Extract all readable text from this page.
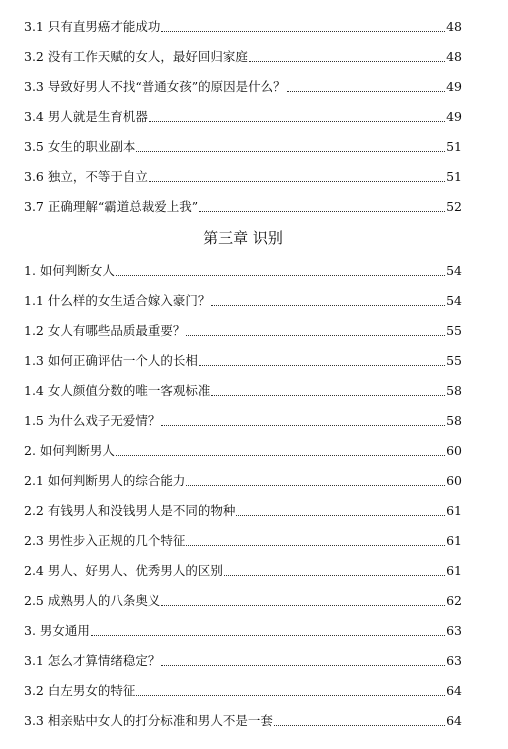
3.1 只有直男癌才能成功	48
3.2 没有工作天赋的女人，最好回归家庭	48
3.3 导致好男人不找“普通女孩”的原因是什么？	49
3.4 男人就是生育机器	49
3.5 女生的职业副本	51
3.6 独立，不等于自立	51
3.7 正确理解“霸道总裁爱上我”	52
第三章 识别
1. 如何判断女人	54
1.1 什么样的女生适合嫁入豪门？	54
1.2 女人有哪些品质最重要？	55
1.3 如何正确评估一个人的长相	55
1.4 女人颜值分数的唯一客观标准	58
1.5 为什么戏子无爱情？	58
2. 如何判断男人	60
2.1 如何判断男人的综合能力	60
2.2 有钱男人和没钱男人是不同的物种	61
2.3 男性步入正规的几个特征	61
2.4 男人、好男人、优秀男人的区别	61
2.5 成熟男人的八条奥义	62
3. 男女通用	63
3.1 怎么才算情绪稳定？	63
3.2 白左男女的特征	64
3.3 相亲贴中女人的打分标准和男人不是一套	64
